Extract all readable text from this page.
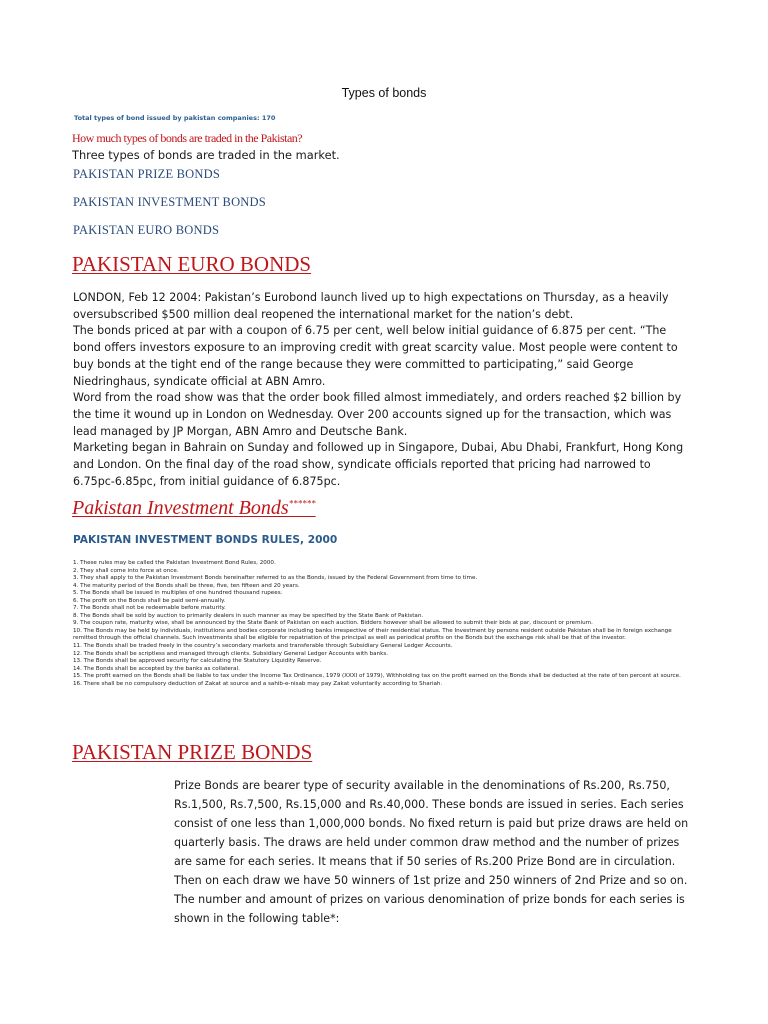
Types of bonds
Total types of bond issued by pakistan companies: 170
How much types of bonds are traded in the Pakistan?
Three types of bonds are traded in the market.
PAKISTAN PRIZE BONDS
PAKISTAN INVESTMENT BONDS
PAKISTAN EURO BONDS
PAKISTAN EURO BONDS

LONDON, Feb 12 2004: Pakistan’s Eurobond launch lived up to high expectations on Thursday, as a heavily oversubscribed $500 million deal reopened the international market for the nation’s debt.

The bonds priced at par with a coupon of 6.75 per cent, well below initial guidance of 6.875 per cent. “The bond offers investors exposure to an improving credit with great scarcity value. Most people were content to buy bonds at the tight end of the range because they were committed to participating,” said George Niedringhaus, syndicate official at ABN Amro.

Word from the road show was that the order book filled almost immediately, and orders reached $2 billion by the time it wound up in London on Wednesday. Over 200 accounts signed up for the transaction, which was lead managed by JP Morgan, ABN Amro and Deutsche Bank.

Marketing began in Bahrain on Sunday and followed up in Singapore, Dubai, Abu Dhabi, Frankfurt, Hong Kong and London. On the final day of the road show, syndicate officials reported that pricing had narrowed to 6.75pc-6.85pc, from initial guidance of 6.875pc.

Pakistan Investment Bonds******
PAKISTAN INVESTMENT BONDS RULES, 2000
1. These rules may be called the Pakistan Investment Bond Rules, 2000.
2. They shall come into force at once.
3. They shall apply to the Pakistan Investment Bonds hereinafter referred to as the Bonds, issued by the Federal Government from time to time.
4. The maturity period of the Bonds shall be three, five, ten fifteen and 20 years.
5. The Bonds shall be issued in multiples of one hundred thousand rupees.
6. The profit on the Bonds shall be paid semi-annually.
7. The Bonds shall not be redeemable before maturity.
8. The Bonds shall be sold by auction to primarily dealers in such manner as may be specified by the State Bank of Pakistan.
9. The coupon rate, maturity wise, shall be announced by the State Bank of Pakistan on each auction. Bidders however shall be allowed to submit their bids at par, discount or premium.
10. The Bonds may be held by individuals, institutions and bodies corporate including banks irrespective of their residential status. The Investment by persons resident outside Pakistan shall be in foreign exchange remitted through the official channels. Such investments shall be eligible for repatriation of the principal as well as periodical profits on the Bonds but the exchange risk shall be that of the investor.
11. The Bonds shall be traded freely in the country’s secondary markets and transferable through Subsidiary General Ledger Accounts.
12. The Bonds shall be scriptless and managed through clients. Subsidiary General Ledger Accounts with banks.
13. The Bonds shall be approved security for calculating the Statutory Liquidity Reserve.
14. The Bonds shall be accepted by the banks as collateral.
15. The profit earned on the Bonds shall be liable to tax under the Income Tax Ordinance, 1979 (XXXI of 1979), Withholding tax on the profit earned on the Bonds shall be deducted at the rate of ten percent at source.
16. There shall be no compulsory deduction of Zakat at source and a sahib-e-nisab may pay Zakat voluntarily according to Shariah.
PAKISTAN PRIZE BONDS
Prize Bonds are bearer type of security available in the denominations of Rs.200, Rs.750, Rs.1,500, Rs.7,500, Rs.15,000 and Rs.40,000. These bonds are issued in series. Each series consist of one less than 1,000,000 bonds. No fixed return is paid but prize draws are held on quarterly basis. The draws are held under common draw method and the number of prizes are same for each series. It means that if 50 series of Rs.200 Prize Bond are in circulation. Then on each draw we have 50 winners of 1st prize and 250 winners of 2nd Prize and so on. The number and amount of prizes on various denomination of prize bonds for each series is shown in the following table*:
